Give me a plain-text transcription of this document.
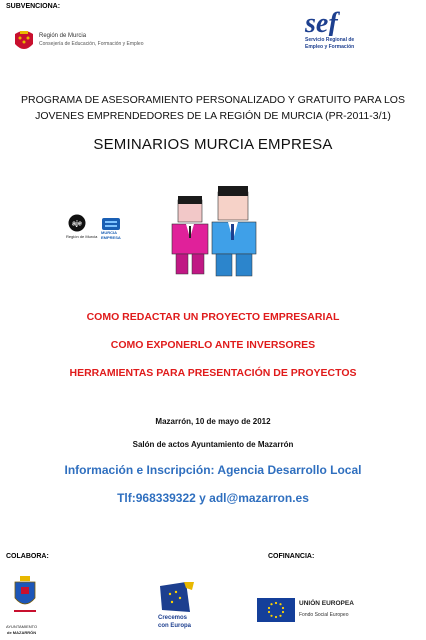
SUBVENCIONA:
Región de Murcia
Consejería de Educación, Formación y Empleo
sef
Servicio Regional de
Empleo y Formación
PROGRAMA DE ASESORAMIENTO PERSONALIZADO Y GRATUITO PARA LOS
JOVENES EMPRENDEDORES DE LA REGIÓN DE MURCIA (PR-2011-3/1)
SEMINARIOS MURCIA EMPRESA
aje
Región de Murcia
MURCIA
EMPRESA
COMO REDACTAR UN PROYECTO EMPRESARIAL
COMO EXPONERLO ANTE INVERSORES
HERRAMIENTAS PARA PRESENTACIÓN DE PROYECTOS
Mazarrón, 10 de mayo de 2012
Salón de actos Ayuntamiento de Mazarrón
Información e Inscripción: Agencia Desarrollo Local
Tlf:968339322 y adl@mazarron.es
COLABORA:	COFINANCIA:
AYUNTAMIENTO
de MAZARRÓN
Crecemos
con Europa
UNIÓN EUROPEA
Fondo Social Europeo
